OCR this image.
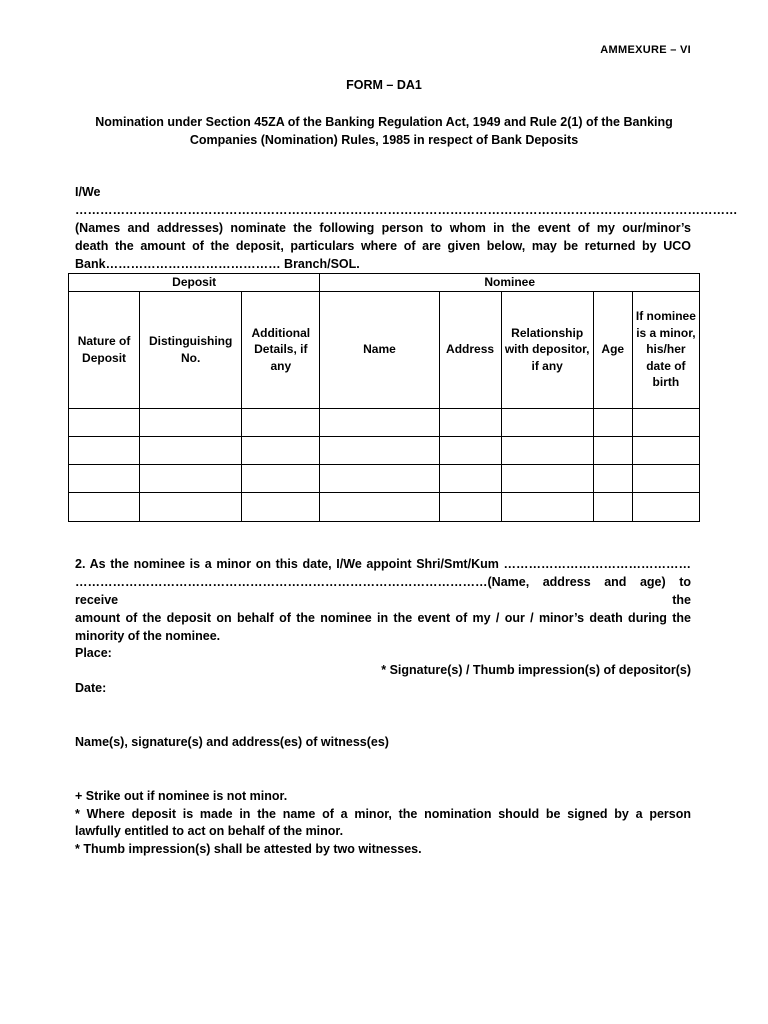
AMMEXURE – VI
FORM – DA1
Nomination under Section 45ZA of the Banking Regulation Act, 1949 and Rule 2(1) of the Banking
Companies (Nomination) Rules, 1985 in respect of Bank Deposits
I/We ……………………………………………………………………………………………………………………………………………
(Names and addresses) nominate the following person to whom in the event of my our/minor’s
death the amount of the deposit, particulars where of are given below, may be returned by UCO
Bank…………………………………… Branch/SOL.
Deposit			Nominee				
Nature of Deposit	Distinguishing No.	Additional Details, if any	Name	Address	Relationship with depositor, if any	Age	If nominee is a minor, his/her date of birth

2. As the nominee is a minor on this date, I/We appoint Shri/Smt/Kum ………………………………………
………………………………………………………………………………………(Name, address and age) to receive the
amount of the deposit on behalf of the nominee in the event of my / our / minor’s death during the
minority of the nominee.
Place:
* Signature(s) / Thumb impression(s) of depositor(s)
Date:
Name(s), signature(s) and address(es) of witness(es)
+ Strike out if nominee is not minor.
* Where deposit is made in the name of a minor, the nomination should be signed by a person
lawfully entitled to act on behalf of the minor.
* Thumb impression(s) shall be attested by two witnesses.
